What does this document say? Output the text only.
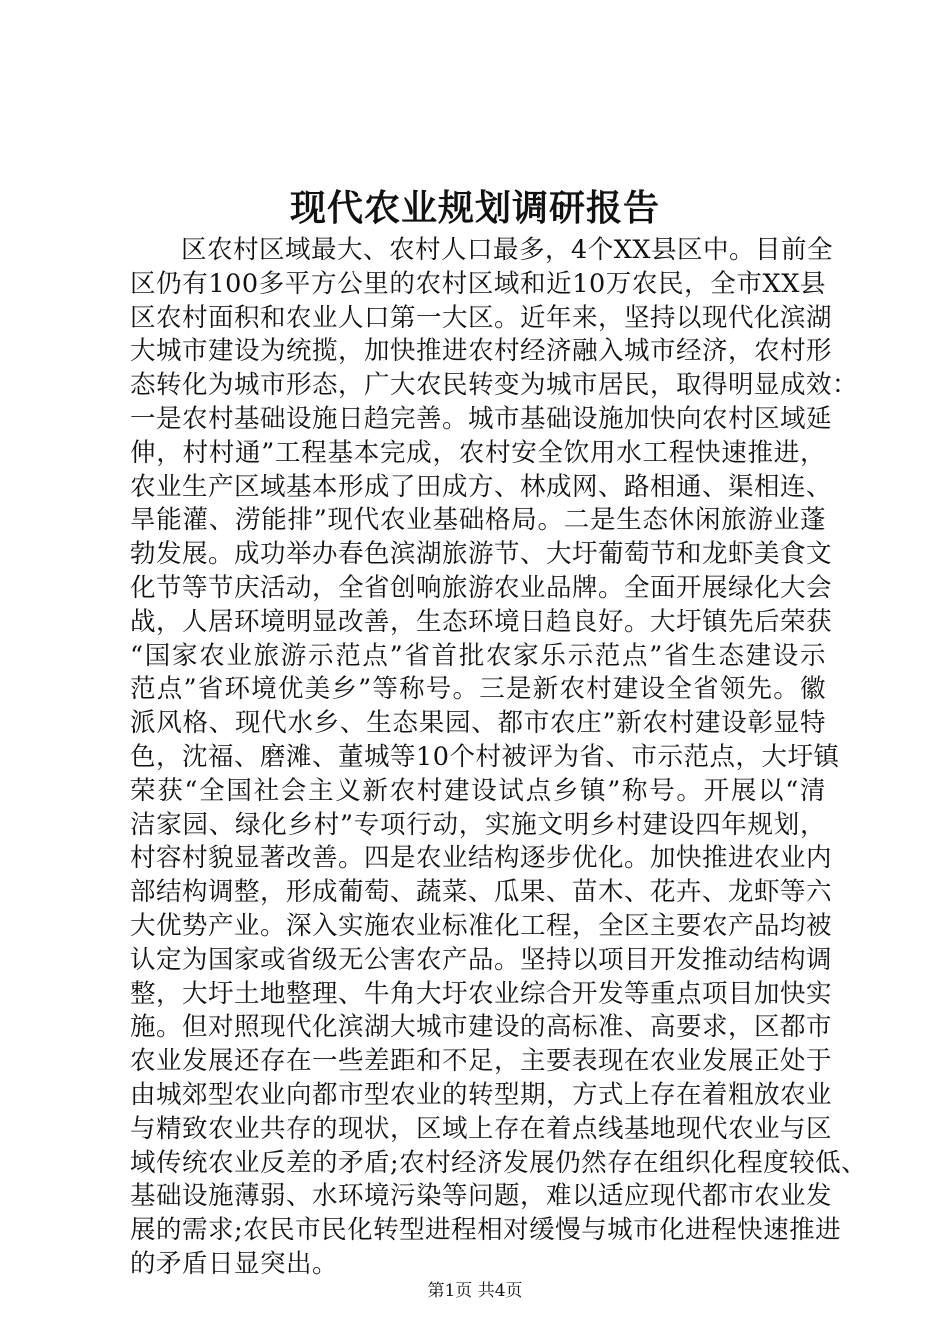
现代农业规划调研报告
区农村区域最大、农村人口最多，4个XX县区中。目前全
区仍有100多平方公里的农村区域和近10万农民，全市XX县
区农村面积和农业人口第一大区。近年来，坚持以现代化滨湖
大城市建设为统揽，加快推进农村经济融入城市经济，农村形
态转化为城市形态，广大农民转变为城市居民，取得明显成效：
一是农村基础设施日趋完善。城市基础设施加快向农村区域延
伸，村村通”工程基本完成，农村安全饮用水工程快速推进，
农业生产区域基本形成了田成方、林成网、路相通、渠相连、
旱能灌、涝能排”现代农业基础格局。二是生态休闲旅游业蓬
勃发展。成功举办春色滨湖旅游节、大圩葡萄节和龙虾美食文
化节等节庆活动，全省创响旅游农业品牌。全面开展绿化大会
战，人居环境明显改善，生态环境日趋良好。大圩镇先后荣获
“国家农业旅游示范点”省首批农家乐示范点”省生态建设示
范点”省环境优美乡”等称号。三是新农村建设全省领先。徽
派风格、现代水乡、生态果园、都市农庄”新农村建设彰显特
色，沈福、磨滩、董城等10个村被评为省、市示范点，大圩镇
荣获“全国社会主义新农村建设试点乡镇”称号。开展以“清
洁家园、绿化乡村”专项行动，实施文明乡村建设四年规划，
村容村貌显著改善。四是农业结构逐步优化。加快推进农业内
部结构调整，形成葡萄、蔬菜、瓜果、苗木、花卉、龙虾等六
大优势产业。深入实施农业标准化工程，全区主要农产品均被
认定为国家或省级无公害农产品。坚持以项目开发推动结构调
整，大圩土地整理、牛角大圩农业综合开发等重点项目加快实
施。但对照现代化滨湖大城市建设的高标准、高要求，区都市
农业发展还存在一些差距和不足，主要表现在农业发展正处于
由城郊型农业向都市型农业的转型期，方式上存在着粗放农业
与精致农业共存的现状，区域上存在着点线基地现代农业与区
域传统农业反差的矛盾;农村经济发展仍然存在组织化程度较低、
基础设施薄弱、水环境污染等问题，难以适应现代都市农业发
展的需求;农民市民化转型进程相对缓慢与城市化进程快速推进
的矛盾日显突出。
第1页 共4页
